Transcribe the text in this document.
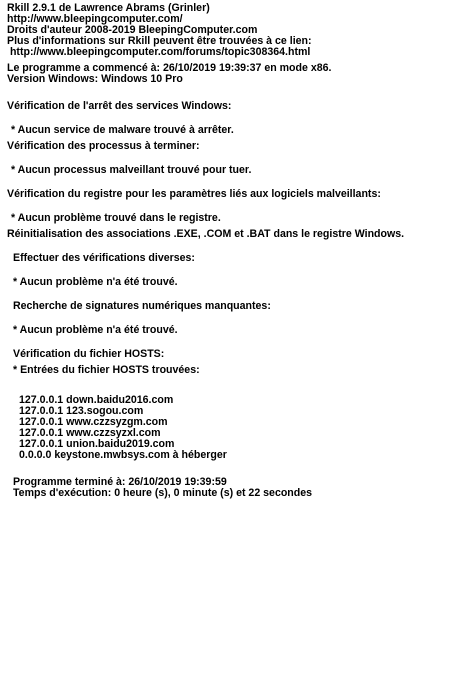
Rkill 2.9.1 de Lawrence Abrams (Grinler)
http://www.bleepingcomputer.com/
Droits d'auteur 2008-2019 BleepingComputer.com
Plus d'informations sur Rkill peuvent être trouvées à ce lien:
http://www.bleepingcomputer.com/forums/topic308364.html
Le programme a commencé à: 26/10/2019 19:39:37 en mode x86.
Version Windows: Windows 10 Pro
Vérification de l'arrêt des services Windows:
* Aucun service de malware trouvé à arrêter.
Vérification des processus à terminer:
* Aucun processus malveillant trouvé pour tuer.
Vérification du registre pour les paramètres liés aux logiciels malveillants:
* Aucun problème trouvé dans le registre.
Réinitialisation des associations .EXE, .COM et .BAT dans le registre Windows.
Effectuer des vérifications diverses:
* Aucun problème n'a été trouvé.
Recherche de signatures numériques manquantes:
* Aucun problème n'a été trouvé.
Vérification du fichier HOSTS:
* Entrées du fichier HOSTS trouvées:
127.0.0.1 down.baidu2016.com
127.0.0.1 123.sogou.com
127.0.0.1 www.czzsyzgm.com
127.0.0.1 www.czzsyzxl.com
127.0.0.1 union.baidu2019.com
0.0.0.0 keystone.mwbsys.com à héberger
Programme terminé à: 26/10/2019 19:39:59
Temps d'exécution: 0 heure (s), 0 minute (s) et 22 secondes
